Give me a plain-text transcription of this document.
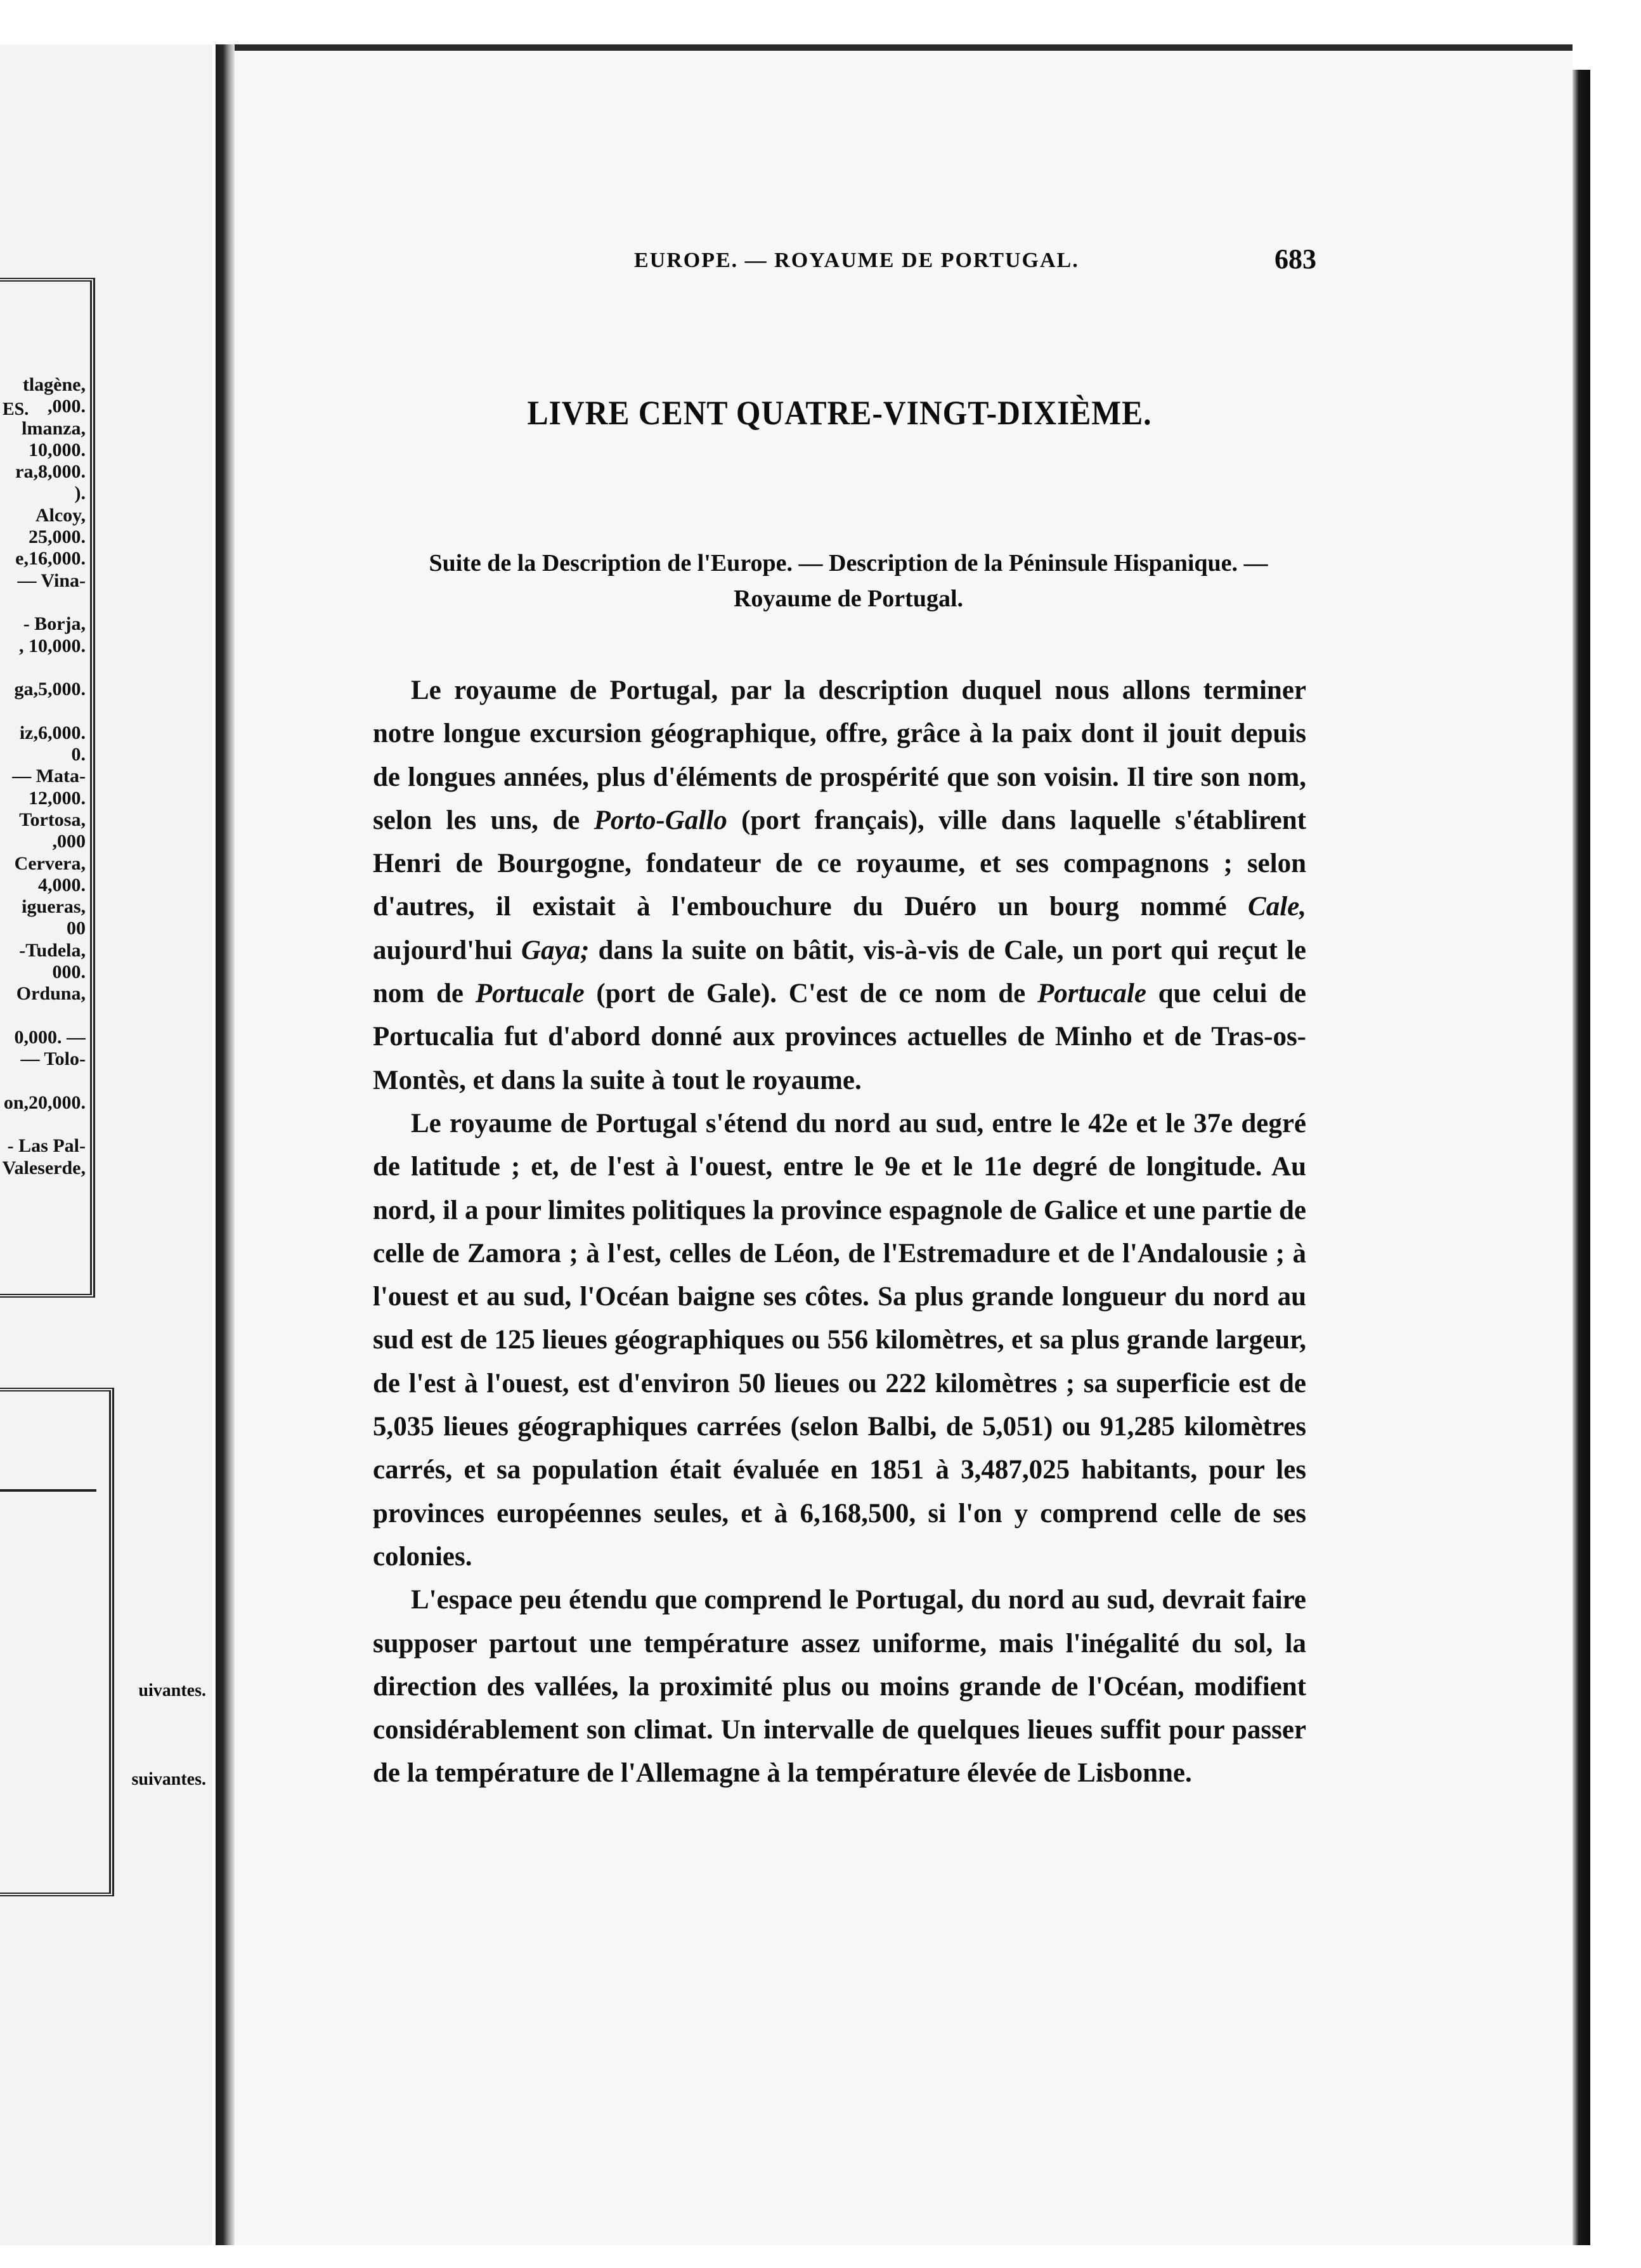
ES.
tlagène,
,000.
lmanza,
10,000.
ra,8,000.
).
Alcoy,
25,000.
e,16,000.
— Vina-

- Borja,
, 10,000.

ga,5,000.

iz,6,000.
0.
— Mata-
12,000.
Tortosa,
,000
Cervera,
4,000.
igueras,
00
-Tudela,
000.
Orduna,

0,000. —
— Tolo-

on,20,000.

- Las Pal-
Valeserde,
uivantes.
suivantes.
EUROPE. — ROYAUME DE PORTUGAL.	683
LIVRE CENT QUATRE-VINGT-DIXIÈME.
Suite de la Description de l'Europe. — Description de la Péninsule Hispanique. —
Royaume de Portugal.

Le royaume de Portugal, par la description duquel nous allons terminer notre longue excursion géographique, offre, grâce à la paix dont il jouit depuis de longues années, plus d'éléments de prospérité que son voisin. Il tire son nom, selon les uns, de Porto-Gallo (port français), ville dans laquelle s'établirent Henri de Bourgogne, fondateur de ce royaume, et ses compagnons ; selon d'autres, il existait à l'embouchure du Duéro un bourg nommé Cale, aujourd'hui Gaya; dans la suite on bâtit, vis-à-vis de Cale, un port qui reçut le nom de Portucale (port de Gale). C'est de ce nom de Portucale que celui de Portucalia fut d'abord donné aux provinces actuelles de Minho et de Tras-os-Montès, et dans la suite à tout le royaume.

Le royaume de Portugal s'étend du nord au sud, entre le 42e et le 37e degré de latitude ; et, de l'est à l'ouest, entre le 9e et le 11e degré de longitude. Au nord, il a pour limites politiques la province espagnole de Galice et une partie de celle de Zamora ; à l'est, celles de Léon, de l'Estremadure et de l'Andalousie ; à l'ouest et au sud, l'Océan baigne ses côtes. Sa plus grande longueur du nord au sud est de 125 lieues géographiques ou 556 kilomètres, et sa plus grande largeur, de l'est à l'ouest, est d'environ 50 lieues ou 222 kilomètres ; sa superficie est de 5,035 lieues géographiques carrées (selon Balbi, de 5,051) ou 91,285 kilomètres carrés, et sa population était évaluée en 1851 à 3,487,025 habitants, pour les provinces européennes seules, et à 6,168,500, si l'on y comprend celle de ses colonies.

L'espace peu étendu que comprend le Portugal, du nord au sud, devrait faire supposer partout une température assez uniforme, mais l'inégalité du sol, la direction des vallées, la proximité plus ou moins grande de l'Océan, modifient considérablement son climat. Un intervalle de quelques lieues suffit pour passer de la température de l'Allemagne à la température élevée de Lisbonne.
